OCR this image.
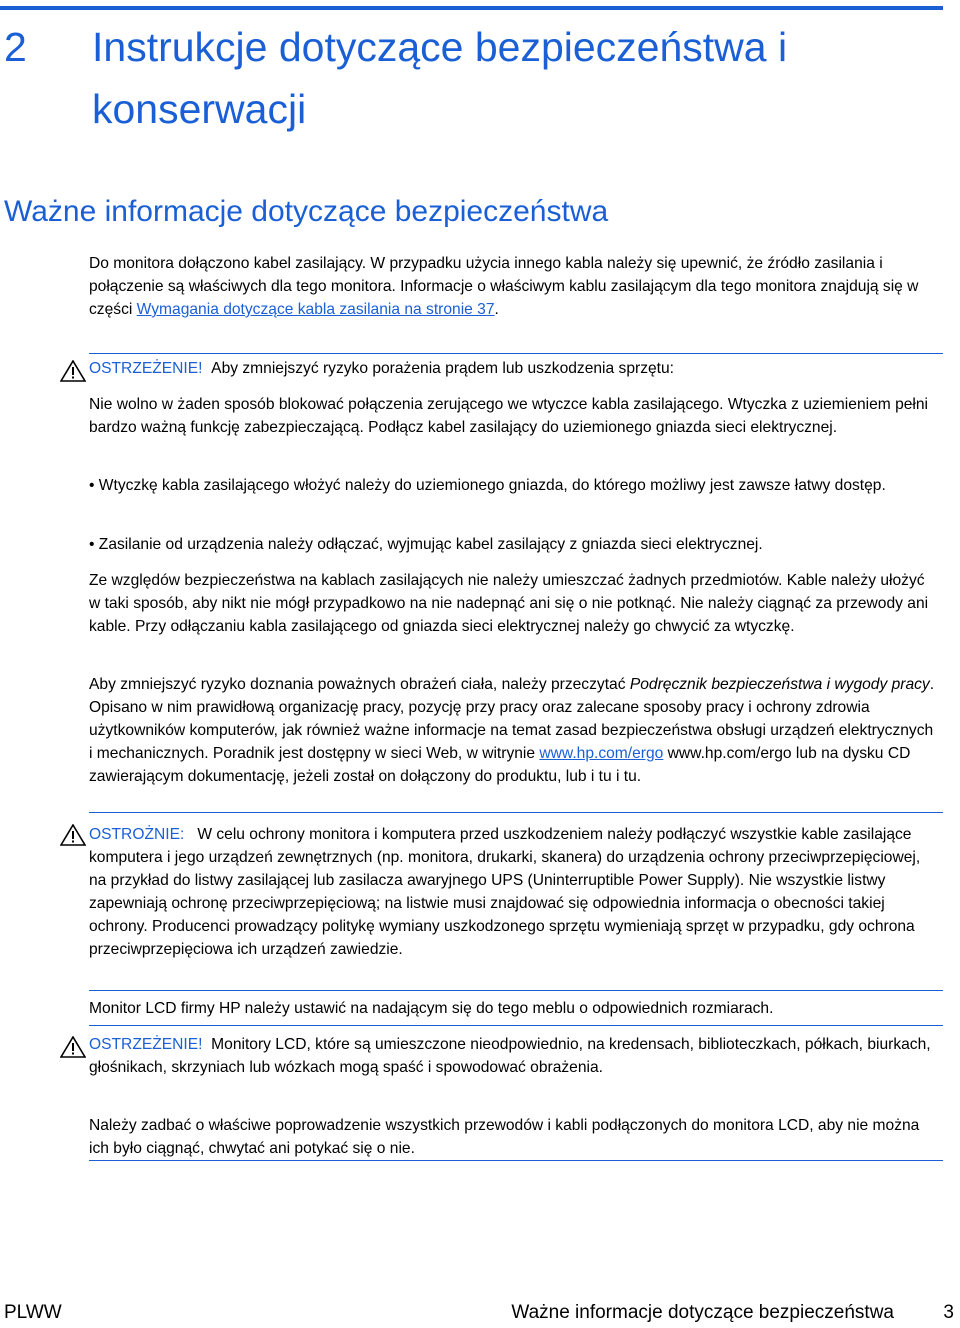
2 Instrukcje dotyczące bezpieczeństwa i konserwacji
Ważne informacje dotyczące bezpieczeństwa
Do monitora dołączono kabel zasilający. W przypadku użycia innego kabla należy się upewnić, że źródło zasilania i połączenie są właściwych dla tego monitora. Informacje o właściwym kablu zasilającym dla tego monitora znajdują się w części Wymagania dotyczące kabla zasilania na stronie 37.
OSTRZEŻENIE! Aby zmniejszyć ryzyko porażenia prądem lub uszkodzenia sprzętu:
Nie wolno w żaden sposób blokować połączenia zerującego we wtyczce kabla zasilającego. Wtyczka z uziemieniem pełni bardzo ważną funkcję zabezpieczającą. Podłącz kabel zasilający do uziemionego gniazda sieci elektrycznej.
• Wtyczkę kabla zasilającego włożyć należy do uziemionego gniazda, do którego możliwy jest zawsze łatwy dostęp.
• Zasilanie od urządzenia należy odłączać, wyjmując kabel zasilający z gniazda sieci elektrycznej.
Ze względów bezpieczeństwa na kablach zasilających nie należy umieszczać żadnych przedmiotów. Kable należy ułożyć w taki sposób, aby nikt nie mógł przypadkowo na nie nadepnąć ani się o nie potknąć. Nie należy ciągnąć za przewody ani kable. Przy odłączaniu kabla zasilającego od gniazda sieci elektrycznej należy go chwycić za wtyczkę.
Aby zmniejszyć ryzyko doznania poważnych obrażeń ciała, należy przeczytać Podręcznik bezpieczeństwa i wygody pracy. Opisano w nim prawidłową organizację pracy, pozycję przy pracy oraz zalecane sposoby pracy i ochrony zdrowia użytkowników komputerów, jak również ważne informacje na temat zasad bezpieczeństwa obsługi urządzeń elektrycznych i mechanicznych. Poradnik jest dostępny w sieci Web, w witrynie www.hp.com/ergo www.hp.com/ergo lub na dysku CD zawierającym dokumentację, jeżeli został on dołączony do produktu, lub i tu i tu.
OSTROŻNIE: W celu ochrony monitora i komputera przed uszkodzeniem należy podłączyć wszystkie kable zasilające komputera i jego urządzeń zewnętrznych (np. monitora, drukarki, skanera) do urządzenia ochrony przeciwprzepięciowej, na przykład do listwy zasilającej lub zasilacza awaryjnego UPS (Uninterruptible Power Supply). Nie wszystkie listwy zapewniają ochronę przeciwprzepięciową; na listwie musi znajdować się odpowiednia informacja o obecności takiej ochrony. Producenci prowadzący politykę wymiany uszkodzonego sprzętu wymieniają sprzęt w przypadku, gdy ochrona przeciwprzepięciowa ich urządzeń zawiedzie.
Monitor LCD firmy HP należy ustawić na nadającym się do tego meblu o odpowiednich rozmiarach.
OSTRZEŻENIE! Monitory LCD, które są umieszczone nieodpowiednio, na kredensach, biblioteczkach, półkach, biurkach, głośnikach, skrzyniach lub wózkach mogą spaść i spowodować obrażenia.
Należy zadbać o właściwe poprowadzenie wszystkich przewodów i kabli podłączonych do monitora LCD, aby nie można ich było ciągnąć, chwytać ani potykać się o nie.
PLWW	Ważne informacje dotyczące bezpieczeństwa	3
